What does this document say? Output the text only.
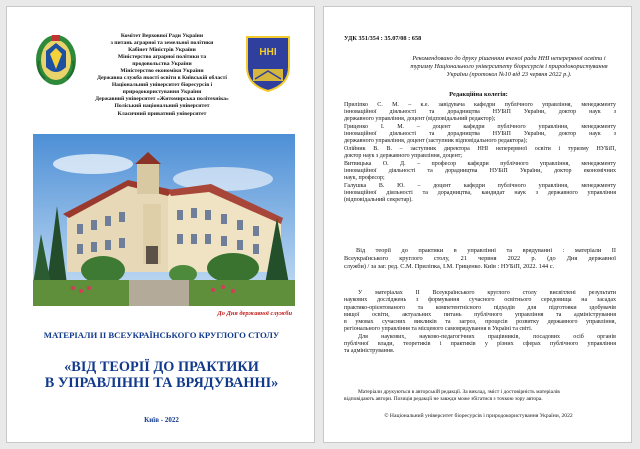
Комітет Верховної Ради України
з питань аграрної та земельної політики
Кабінет Міністрів України
Міністерство аграрної політики та
продовольства України
Міністерство економіки України
Державна служба якості освіти в Київській області
Національний університет біоресурсів і
природокористування України
Державний університет «Житомирська політехніка»
Поліський національний університет
Класичний приватний університет
ННІ
До Дня державної служби
МАТЕРІАЛИ ІІ ВСЕУКРАЇНСЬКОГО КРУГЛОГО СТОЛУ
«ВІД ТЕОРІЇ ДО ПРАКТИКИ
В УПРАВЛІННІ ТА ВРЯДУВАННІ»
Київ - 2022
УДК 351/354 : 35.07/08 : 658
Рекомендовано до друку рішенням вченої ради ННІ неперервної освіти і
туризму Національного університету біоресурсів і природокористування
України (протокол №10 від 23 червня 2022 р.).
Редакційна колегія:
Приліпко С. М. – к.е. завідувача кафедри публічного управління, менеджменту
інноваційної діяльності та дорадництва НУБіП України, доктор наук з
державного управління, доцент (відповідальний редактор);
Гриценко І. М. – доцент кафедри публічного управління, менеджменту
інноваційної діяльності та дорадництва НУБіП України, доктор наук з
державного управління, доцент (заступник відповідального редактора);
Олійник В. В. – заступник директора ННІ неперервної освіти і туризму НУБіП,
доктор наук з державного управління, доцент;
Витвицька О. Д. – професор кафедри публічного управління, менеджменту
інноваційної діяльності та дорадництва НУБіП України, доктор економічних
наук, професор;
Галушка В. Ю. – доцент кафедри публічного управління, менеджменту
інноваційної діяльності та дорадництва, кандидат наук з державного управління
(відповідальний секретар).
Від теорії до практики в управлінні та врядуванні : матеріали ІІ
Всеукраїнського круглого столу, 21 червня 2022 р. (до Дня державної
служби) / за заг. ред. С.М. Приліпка, І.М. Гриценко. Київ : НУБіП, 2022. 144 с.
У матеріалах ІІ Всеукраїнського круглого столу висвітлені результати
наукових досліджень з формування сучасного освітнього середовища на засадах
практико-орієнтованого та компетентнісного підходів для підготовки здобувачів
вищої освіти, актуальних питань публічного управління та адміністрування
в умовах сучасних викликів та загроз, процесів розвитку державного управління,
регіонального управління та місцевого самоврядування в Україні та світі.
Для наукових, науково-педагогічних працівників, посадових осіб органів
публічної влади, теоретиків і практиків у різних сферах публічного управління
та адміністрування.
Матеріали друкуються в авторській редакції. За виклад, зміст і достовірність матеріалів
відповідають автори. Позиція редакції не завжди може збігатися з точкою зору автора.
© Національний університет біоресурсів і природокористування України, 2022
